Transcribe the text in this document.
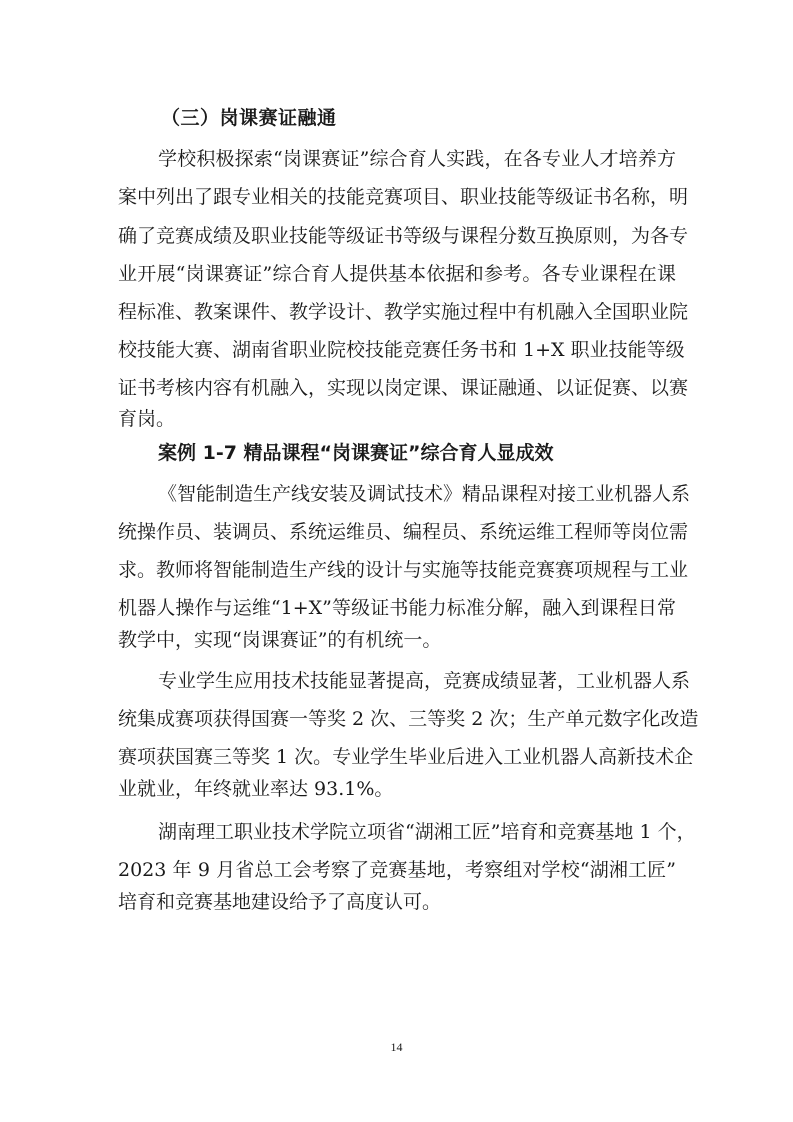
（三）岗课赛证融通
学校积极探索“岗课赛证”综合育人实践，在各专业人才培养方
案中列出了跟专业相关的技能竞赛项目、职业技能等级证书名称，明
确了竞赛成绩及职业技能等级证书等级与课程分数互换原则，为各专
业开展“岗课赛证”综合育人提供基本依据和参考。各专业课程在课
程标准、教案课件、教学设计、教学实施过程中有机融入全国职业院
校技能大赛、湖南省职业院校技能竞赛任务书和 1+X 职业技能等级
证书考核内容有机融入，实现以岗定课、课证融通、以证促赛、以赛
育岗。
案例 1-7 精品课程“岗课赛证”综合育人显成效
《智能制造生产线安装及调试技术》精品课程对接工业机器人系
统操作员、装调员、系统运维员、编程员、系统运维工程师等岗位需
求。教师将智能制造生产线的设计与实施等技能竞赛赛项规程与工业
机器人操作与运维“1+X”等级证书能力标准分解，融入到课程日常
教学中，实现“岗课赛证”的有机统一。
专业学生应用技术技能显著提高，竞赛成绩显著，工业机器人系
统集成赛项获得国赛一等奖 2 次、三等奖 2 次；生产单元数字化改造
赛项获国赛三等奖 1 次。专业学生毕业后进入工业机器人高新技术企
业就业，年终就业率达 93.1%。
湖南理工职业技术学院立项省“湖湘工匠”培育和竞赛基地 1 个，
2023 年 9 月省总工会考察了竞赛基地，考察组对学校“湖湘工匠”
培育和竞赛基地建设给予了高度认可。
14
